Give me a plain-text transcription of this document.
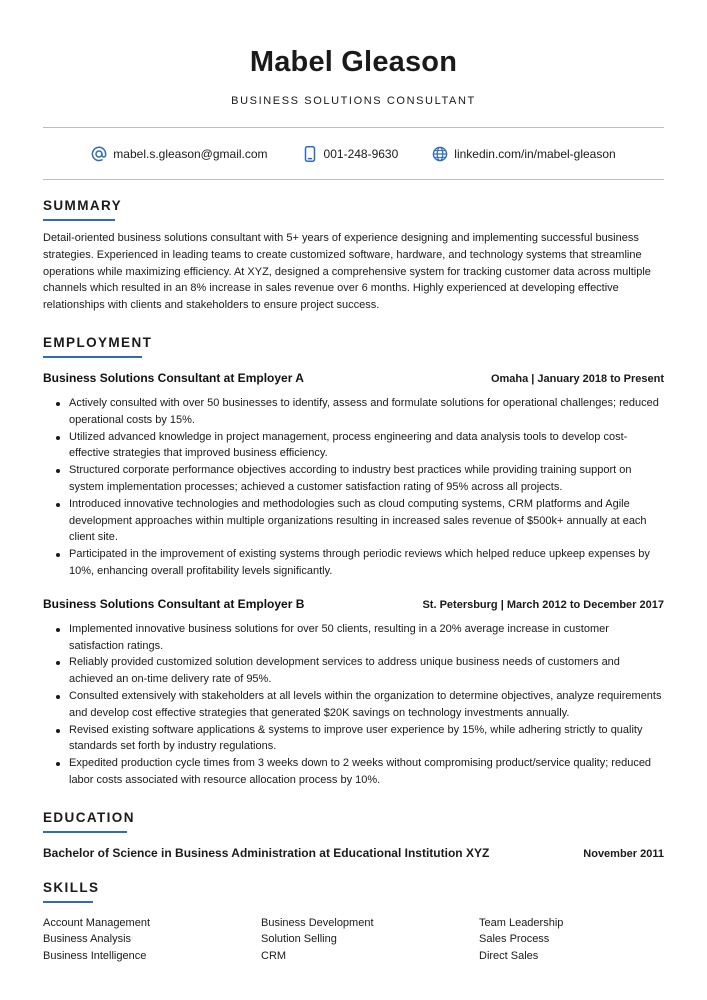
Mabel Gleason
BUSINESS SOLUTIONS CONSULTANT
mabel.s.gleason@gmail.com	001-248-9630	linkedin.com/in/mabel-gleason
SUMMARY

Detail-oriented business solutions consultant with 5+ years of experience designing and implementing successful business strategies. Experienced in leading teams to create customized software, hardware, and technology systems that streamline operations while maximizing efficiency. At XYZ, designed a comprehensive system for tracking customer data across multiple channels which resulted in an 8% increase in sales revenue over 6 months. Highly experienced at developing effective relationships with clients and stakeholders to ensure project success.

EMPLOYMENT
Business Solutions Consultant at Employer A	Omaha | January 2018 to Present
Actively consulted with over 50 businesses to identify, assess and formulate solutions for operational challenges; reduced operational costs by 15%.
Utilized advanced knowledge in project management, process engineering and data analysis tools to develop cost-effective strategies that improved business efficiency.
Structured corporate performance objectives according to industry best practices while providing training support on system implementation processes; achieved a customer satisfaction rating of 95% across all projects.
Introduced innovative technologies and methodologies such as cloud computing systems, CRM platforms and Agile development approaches within multiple organizations resulting in increased sales revenue of $500k+ annually at each client site.
Participated in the improvement of existing systems through periodic reviews which helped reduce upkeep expenses by 10%, enhancing overall profitability levels significantly.
Business Solutions Consultant at Employer B	St. Petersburg | March 2012 to December 2017
Implemented innovative business solutions for over 50 clients, resulting in a 20% average increase in customer satisfaction ratings.
Reliably provided customized solution development services to address unique business needs of customers and achieved an on-time delivery rate of 95%.
Consulted extensively with stakeholders at all levels within the organization to determine objectives, analyze requirements and develop cost effective strategies that generated $20K savings on technology investments annually.
Revised existing software applications & systems to improve user experience by 15%, while adhering strictly to quality standards set forth by industry regulations.
Expedited production cycle times from 3 weeks down to 2 weeks without compromising product/service quality; reduced labor costs associated with resource allocation process by 10%.
EDUCATION
Bachelor of Science in Business Administration at Educational Institution XYZ	November 2011
SKILLS
Account Management	Business Development	Team Leadership
Business Analysis	Solution Selling	Sales Process
Business Intelligence	CRM	Direct Sales
